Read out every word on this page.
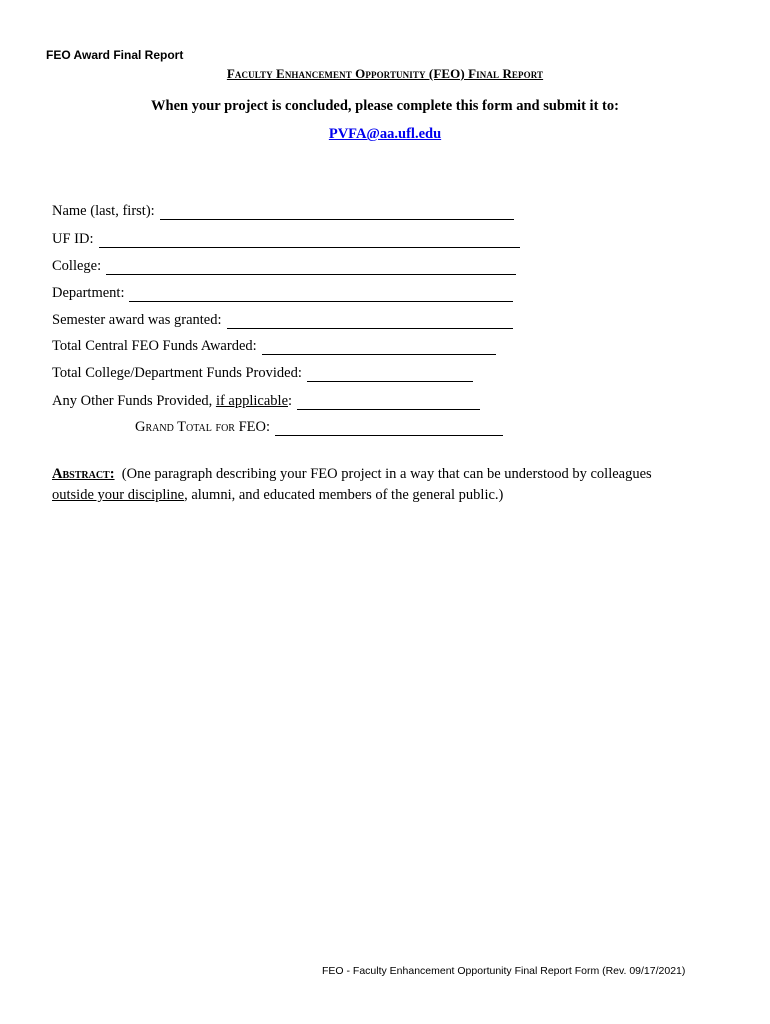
FEO Award Final Report
Faculty Enhancement Opportunity (FEO) Final Report
When your project is concluded, please complete this form and submit it to:
PVFA@aa.ufl.edu
Name (last, first):
UF ID:
College:
Department:
Semester award was granted:
Total Central FEO Funds Awarded:
Total College/Department Funds Provided:
Any Other Funds Provided, if applicable:
Grand Total for FEO:
Abstract: (One paragraph describing your FEO project in a way that can be understood by colleagues
outside your discipline, alumni, and educated members of the general public.)
FEO - Faculty Enhancement Opportunity Final Report Form (Rev. 09/17/2021)
